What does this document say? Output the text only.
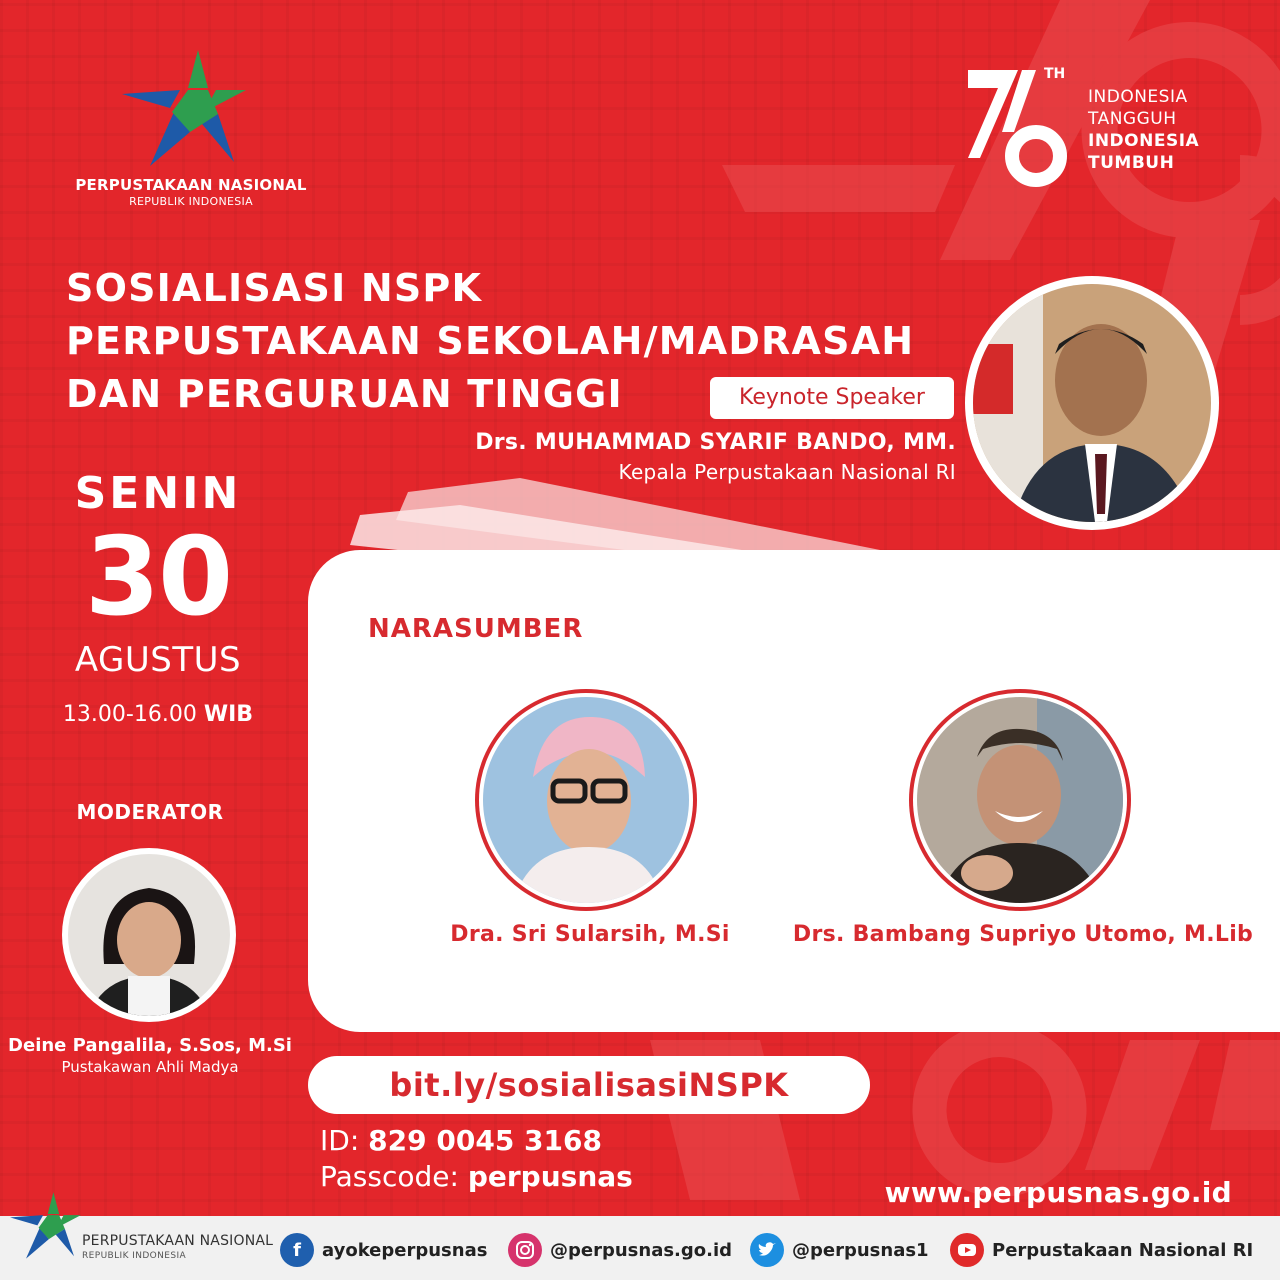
PERPUSTAKAAN NASIONAL
REPUBLIK INDONESIA
TH
INDONESIA
TANGGUH
INDONESIA
TUMBUH
SOSIALISASI NSPK
PERPUSTAKAAN SEKOLAH/MADRASAH
DAN PERGURUAN TINGGI	Keynote Speaker
Drs. MUHAMMAD SYARIF BANDO, MM.
Kepala Perpustakaan Nasional RI
SENIN
30
AGUSTUS
13.00-16.00 WIB
MODERATOR
Deine Pangalila, S.Sos, M.Si
Pustakawan Ahli Madya
NARASUMBER
Dra. Sri Sularsih, M.Si	Drs. Bambang Supriyo Utomo, M.Lib
bit.ly/sosialisasiNSPK
ID: 829 0045 3168
Passcode: perpusnas	www.perpusnas.go.id
PERPUSTAKAAN NASIONAL
REPUBLIK INDONESIA	f	ayokeperpusnas	@perpusnas.go.id	@perpusnas1	Perpustakaan Nasional RI
